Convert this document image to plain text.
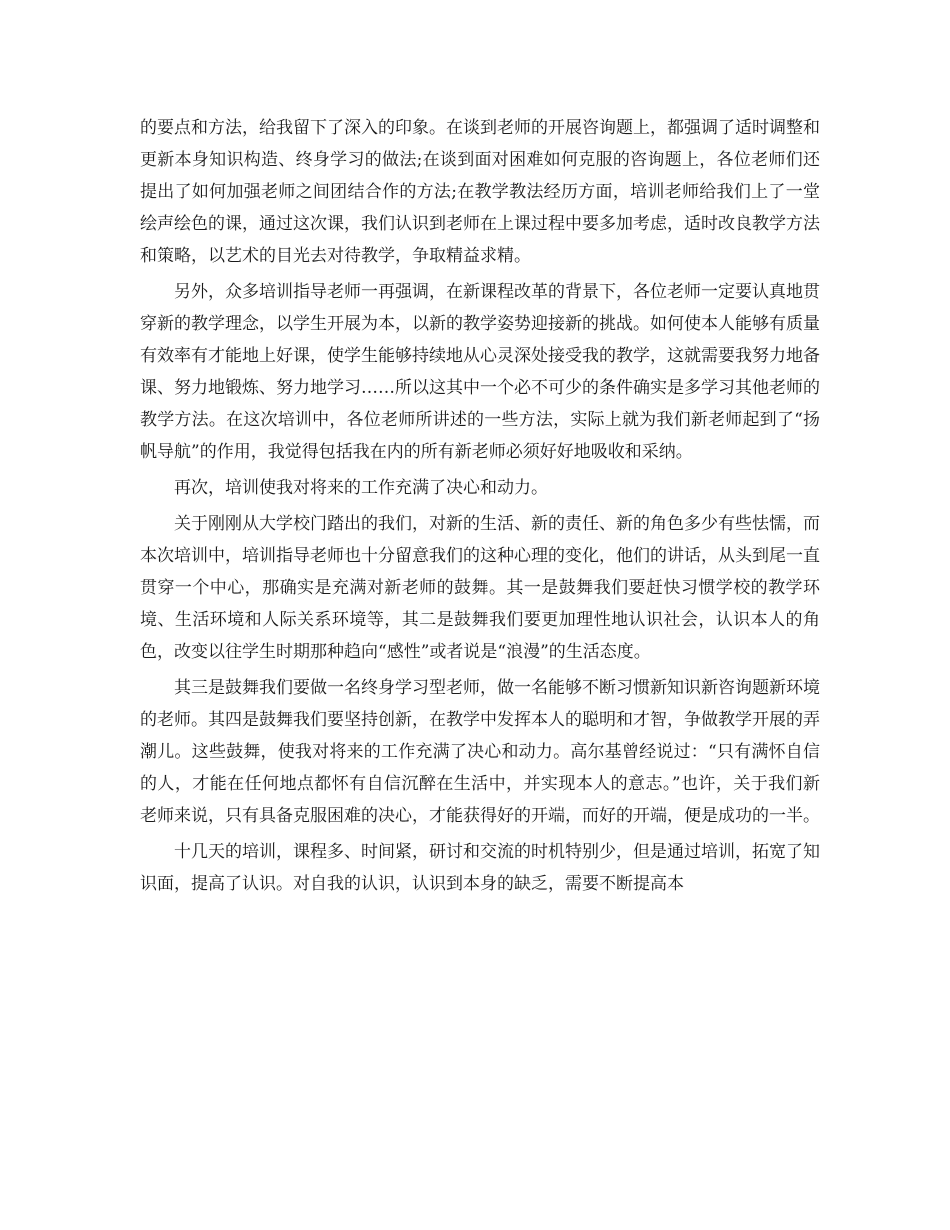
的要点和方法，给我留下了深入的印象。在谈到老师的开展咨询题上，都强调了适时调整和更新本身知识构造、终身学习的做法;在谈到面对困难如何克服的咨询题上，各位老师们还提出了如何加强老师之间团结合作的方法;在教学教法经历方面，培训老师给我们上了一堂绘声绘色的课，通过这次课，我们认识到老师在上课过程中要多加考虑，适时改良教学方法和策略，以艺术的目光去对待教学，争取精益求精。

另外，众多培训指导老师一再强调，在新课程改革的背景下，各位老师一定要认真地贯穿新的教学理念，以学生开展为本，以新的教学姿势迎接新的挑战。如何使本人能够有质量有效率有才能地上好课，使学生能够持续地从心灵深处接受我的教学，这就需要我努力地备课、努力地锻炼、努力地学习……所以这其中一个必不可少的条件确实是多学习其他老师的教学方法。在这次培训中，各位老师所讲述的一些方法，实际上就为我们新老师起到了“扬帆导航”的作用，我觉得包括我在内的所有新老师必须好好地吸收和采纳。

再次，培训使我对将来的工作充满了决心和动力。

关于刚刚从大学校门踏出的我们，对新的生活、新的责任、新的角色多少有些怯懦，而本次培训中，培训指导老师也十分留意我们的这种心理的变化，他们的讲话，从头到尾一直贯穿一个中心，那确实是充满对新老师的鼓舞。其一是鼓舞我们要赶快习惯学校的教学环境、生活环境和人际关系环境等，其二是鼓舞我们要更加理性地认识社会，认识本人的角色，改变以往学生时期那种趋向“感性”或者说是“浪漫”的生活态度。

其三是鼓舞我们要做一名终身学习型老师，做一名能够不断习惯新知识新咨询题新环境的老师。其四是鼓舞我们要坚持创新，在教学中发挥本人的聪明和才智，争做教学开展的弄潮儿。这些鼓舞，使我对将来的工作充满了决心和动力。高尔基曾经说过：“只有满怀自信的人，才能在任何地点都怀有自信沉醉在生活中，并实现本人的意志。”也许，关于我们新老师来说，只有具备克服困难的决心，才能获得好的开端，而好的开端，便是成功的一半。

十几天的培训，课程多、时间紧，研讨和交流的时机特别少，但是通过培训，拓宽了知识面，提高了认识。对自我的认识，认识到本身的缺乏，需要不断提高本
